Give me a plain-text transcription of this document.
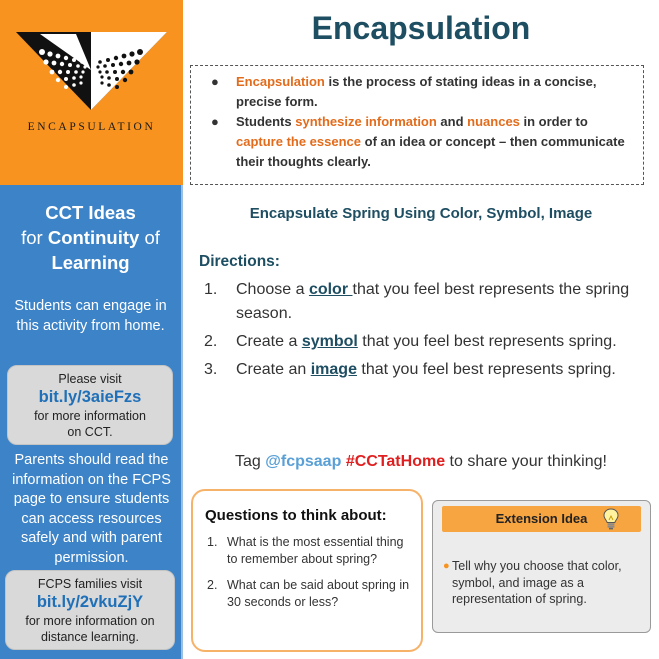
ENCAPSULATION
CCT Ideas
for Continuity of
Learning
Students can engage in this activity from home.
Please visit
bit.ly/3aieFzs
for more information
on CCT.
Parents should read the information on the FCPS page to ensure students can access resources safely and with parent permission.
FCPS families visit
bit.ly/2vkuZjY
for more information on
distance learning.
Encapsulation
● Encapsulation is the process of stating ideas in a concise, precise form.
● Students synthesize information and nuances in order to capture the essence of an idea or concept – then communicate their thoughts clearly.
Encapsulate Spring Using Color, Symbol, Image
Directions:
1. Choose a color that you feel best represents the spring season.
2. Create a symbol that you feel best represents spring.
3. Create an image that you feel best represents spring.
Tag @fcpsaap #CCTatHome to share your thinking!
Questions to think about:
1. What is the most essential thing to remember about spring?
2. What can be said about spring in 30 seconds or less?
Extension Idea
● Tell why you choose that color, symbol, and image as a representation of spring.
